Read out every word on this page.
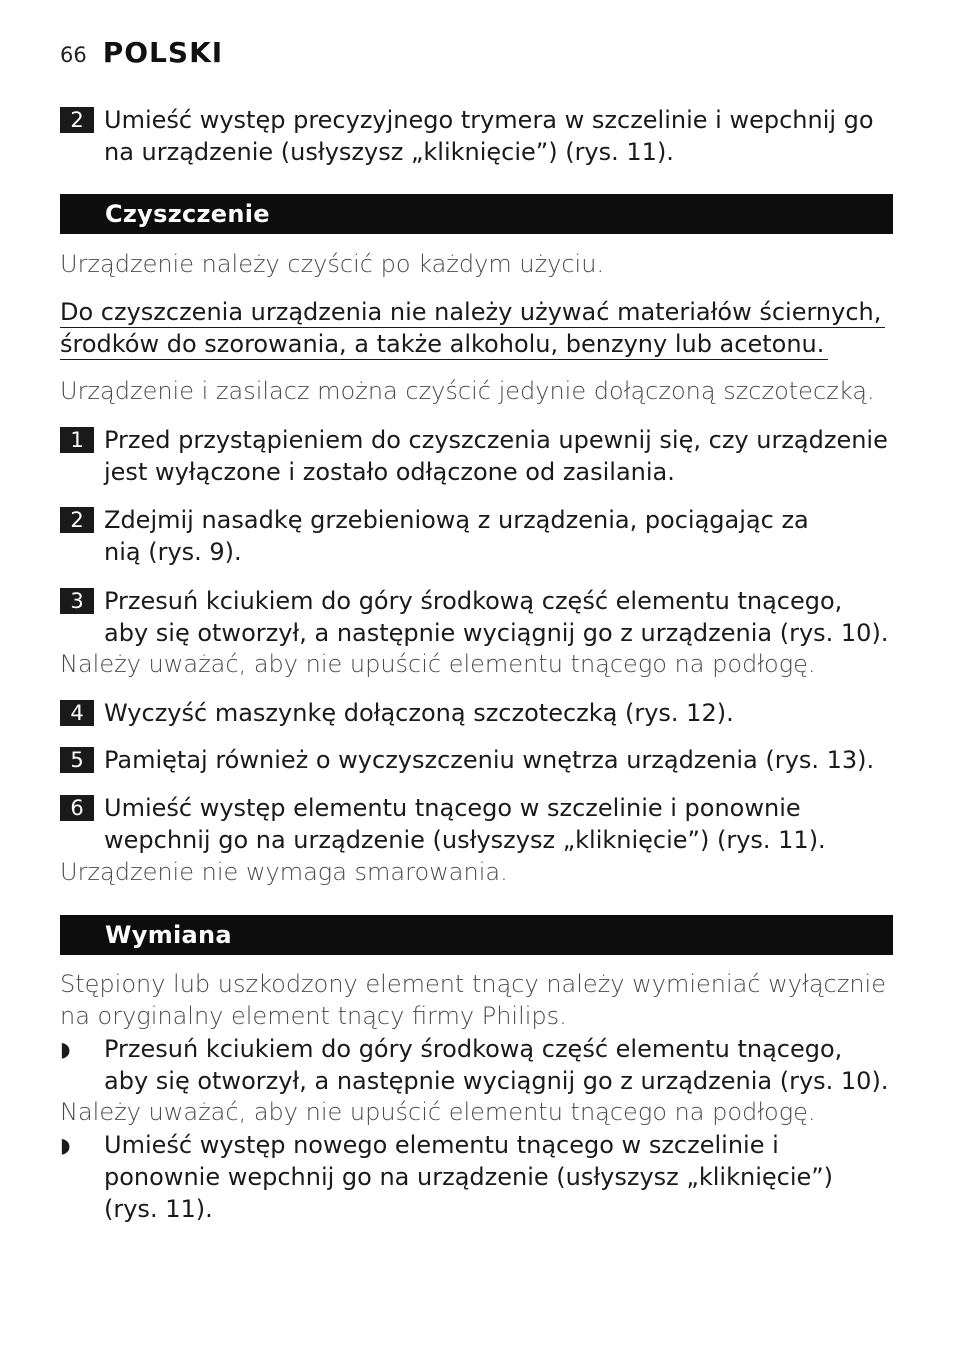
66 POLSKI
2 Umieść występ precyzyjnego trymera w szczelinie i wepchnij go na urządzenie (usłyszysz „kliknięcie”) (rys. 11).
Czyszczenie
Urządzenie należy czyścić po każdym użyciu.
Do czyszczenia urządzenia nie należy używać materiałów ściernych,
środków do szorowania, a także alkoholu, benzyny lub acetonu.
Urządzenie i zasilacz można czyścić jedynie dołączoną szczoteczką.
1 Przed przystąpieniem do czyszczenia upewnij się, czy urządzenie jest wyłączone i zostało odłączone od zasilania.
2 Zdejmij nasadkę grzebieniową z urządzenia, pociągając za nią (rys. 9).
3 Przesuń kciukiem do góry środkową część elementu tnącego, aby się otworzył, a następnie wyciągnij go z urządzenia (rys. 10).
Należy uważać, aby nie upuścić elementu tnącego na podłogę.
4 Wyczyść maszynkę dołączoną szczoteczką (rys. 12).
5 Pamiętaj również o wyczyszczeniu wnętrza urządzenia (rys. 13).
6 Umieść występ elementu tnącego w szczelinie i ponownie wepchnij go na urządzenie (usłyszysz „kliknięcie”) (rys. 11).
Urządzenie nie wymaga smarowania.
Wymiana
Stępiony lub uszkodzony element tnący należy wymieniać wyłącznie na oryginalny element tnący firmy Philips.
◗	Przesuń kciukiem do góry środkową część elementu tnącego, aby się otworzył, a następnie wyciągnij go z urządzenia (rys. 10).
Należy uważać, aby nie upuścić elementu tnącego na podłogę.
◗	Umieść występ nowego elementu tnącego w szczelinie i ponownie wepchnij go na urządzenie (usłyszysz „kliknięcie”) (rys. 11).
